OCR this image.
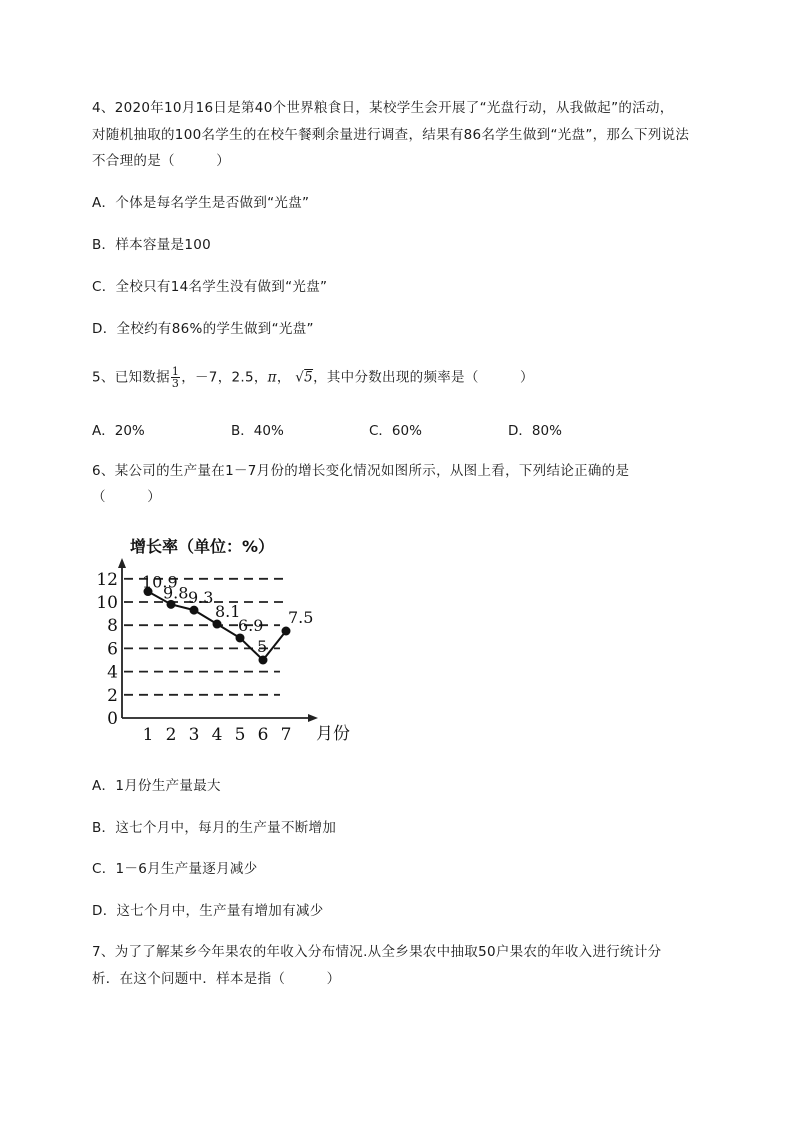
4、2020年10月16日是第40个世界粮食日，某校学生会开展了“光盘行动，从我做起”的活动，
对随机抽取的100名学生的在校午餐剩余量进行调查，结果有86名学生做到“光盘”，那么下列说法
不合理的是（　　　）
A．个体是每名学生是否做到“光盘”
B．样本容量是100
C．全校只有14名学生没有做到“光盘”
D．全校约有86%的学生做到“光盘”
5、已知数据 $\frac{1}{3}$ ，－7，2.5，π， √5，其中分数出现的频率是（　　　）
A．20%	B．40%	C．60%	D．80%
6、某公司的生产量在1－7月份的增长变化情况如图所示，从图上看，下列结论正确的是
（　　　）
增长率（单位：%）
0
2
4
6
8
10
12
1 2 3 4 5 6 7
10.9
9.8 9.3
8.1
6.9
5
7.5
月份
A．1月份生产量最大
B．这七个月中，每月的生产量不断增加
C．1－6月生产量逐月减少
D．这七个月中，生产量有增加有减少
7、为了了解某乡今年果农的年收入分布情况.从全乡果农中抽取50户果农的年收入进行统计分
析．在这个问题中．样本是指（　　　）
